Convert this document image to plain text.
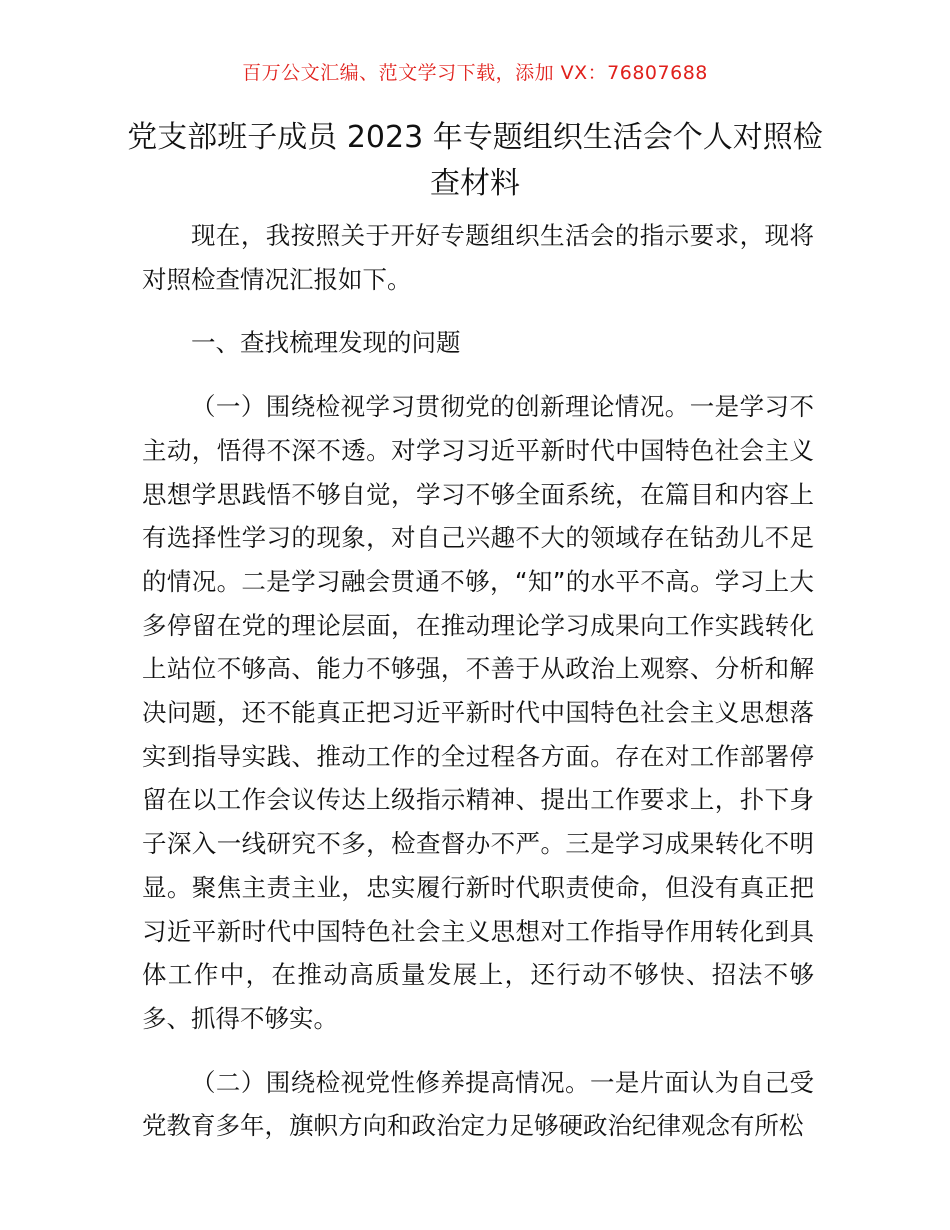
百万公文汇编、范文学习下载，添加 VX：76807688
党支部班子成员 2023 年专题组织生活会个人对照检查材料

现在，我按照关于开好专题组织生活会的指示要求，现将对照检查情况汇报如下。

一、查找梳理发现的问题

（一）围绕检视学习贯彻党的创新理论情况。一是学习不主动，悟得不深不透。对学习习近平新时代中国特色社会主义思想学思践悟不够自觉，学习不够全面系统，在篇目和内容上有选择性学习的现象，对自己兴趣不大的领域存在钻劲儿不足的情况。二是学习融会贯通不够，“知”的水平不高。学习上大多停留在党的理论层面，在推动理论学习成果向工作实践转化上站位不够高、能力不够强，不善于从政治上观察、分析和解决问题，还不能真正把习近平新时代中国特色社会主义思想落实到指导实践、推动工作的全过程各方面。存在对工作部署停留在以工作会议传达上级指示精神、提出工作要求上，扑下身子深入一线研究不多，检查督办不严。三是学习成果转化不明显。聚焦主责主业，忠实履行新时代职责使命，但没有真正把习近平新时代中国特色社会主义思想对工作指导作用转化到具体工作中，在推动高质量发展上，还行动不够快、招法不够多、抓得不够实。

（二）围绕检视党性修养提高情况。一是片面认为自己受党教育多年，旗帜方向和政治定力足够硬政治纪律观念有所松
